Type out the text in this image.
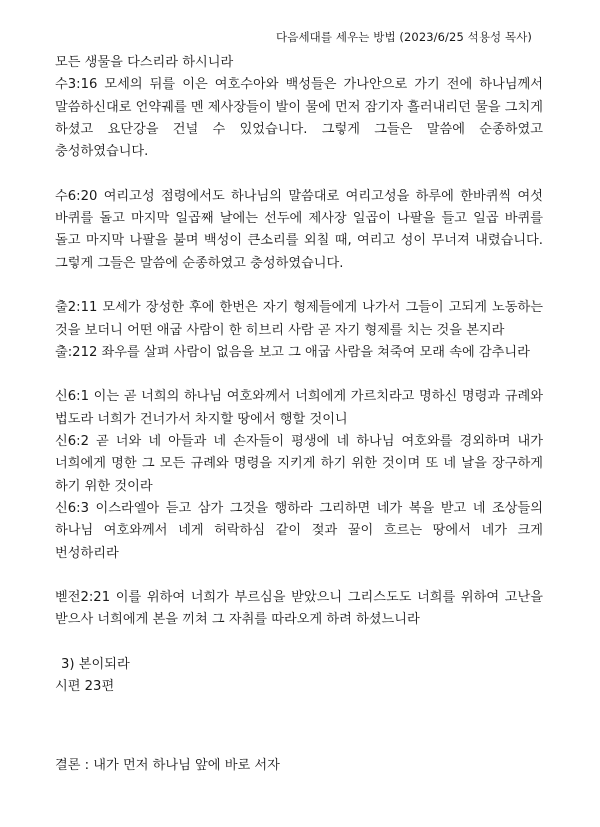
다음세대를 세우는 방법 (2023/6/25 석용성 목사)

모든 생물을 다스리라 하시니라

수3:16 모세의 뒤를 이은 여호수아와 백성들은 가나안으로 가기 전에 하나님께서 말씀하신대로 언약궤를 멘 제사장들이 발이 물에 먼저 잠기자 흘러내리던 물을 그치게 하셨고 요단강을 건널 수 있었습니다. 그렇게 그들은 말씀에 순종하였고 충성하였습니다.

수6:20 여리고성 점령에서도 하나님의 말씀대로 여리고성을 하루에 한바퀴씩 여섯 바퀴를 돌고 마지막 일곱째 날에는 선두에 제사장 일곱이 나팔을 들고 일곱 바퀴를 돌고 마지막 나팔을 불며 백성이 큰소리를 외칠 때, 여리고 성이 무너져 내렸습니다. 그렇게 그들은 말씀에 순종하였고 충성하였습니다.

출2:11 모세가 장성한 후에 한번은 자기 형제들에게 나가서 그들이 고되게 노동하는 것을 보더니 어떤 애굽 사람이 한 히브리 사람 곧 자기 형제를 치는 것을 본지라

출:212 좌우를 살펴 사람이 없음을 보고 그 애굽 사람을 쳐죽여 모래 속에 감추니라

신6:1 이는 곧 너희의 하나님 여호와께서 너희에게 가르치라고 명하신 명령과 규례와 법도라 너희가 건너가서 차지할 땅에서 행할 것이니

신6:2 곧 너와 네 아들과 네 손자들이 평생에 네 하나님 여호와를 경외하며 내가 너희에게 명한 그 모든 규례와 명령을 지키게 하기 위한 것이며 또 네 날을 장구하게 하기 위한 것이라

신6:3 이스라엘아 듣고 삼가 그것을 행하라 그리하면 네가 복을 받고 네 조상들의 하나님 여호와께서 네게 허락하심 같이 젖과 꿀이 흐르는 땅에서 네가 크게 번성하리라

벧전2:21 이를 위하여 너희가 부르심을 받았으니 그리스도도 너희를 위하여 고난을 받으사 너희에게 본을 끼쳐 그 자취를 따라오게 하려 하셨느니라

3) 본이되라

시편 23편

결론 : 내가 먼저 하나님 앞에 바로 서자
